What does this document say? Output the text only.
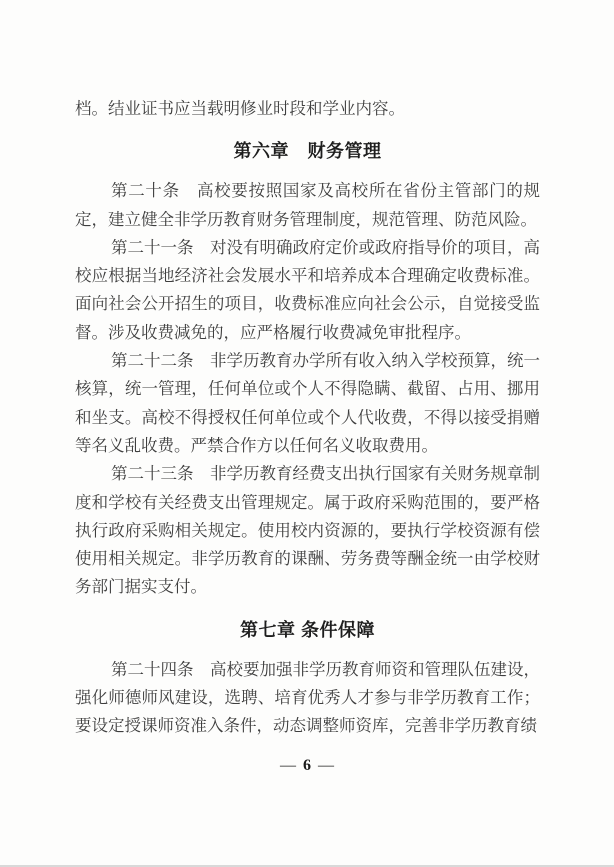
档。结业证书应当载明修业时段和学业内容。

第六章　财务管理

第二十条　高校要按照国家及高校所在省份主管部门的规定，建立健全非学历教育财务管理制度，规范管理、防范风险。

第二十一条　对没有明确政府定价或政府指导价的项目，高校应根据当地经济社会发展水平和培养成本合理确定收费标准。面向社会公开招生的项目，收费标准应向社会公示，自觉接受监督。涉及收费减免的，应严格履行收费减免审批程序。

第二十二条　非学历教育办学所有收入纳入学校预算，统一核算，统一管理，任何单位或个人不得隐瞒、截留、占用、挪用和坐支。高校不得授权任何单位或个人代收费，不得以接受捐赠等名义乱收费。严禁合作方以任何名义收取费用。

第二十三条　非学历教育经费支出执行国家有关财务规章制度和学校有关经费支出管理规定。属于政府采购范围的，要严格执行政府采购相关规定。使用校内资源的，要执行学校资源有偿使用相关规定。非学历教育的课酬、劳务费等酬金统一由学校财务部门据实支付。

第七章 条件保障

第二十四条　高校要加强非学历教育师资和管理队伍建设，强化师德师风建设，选聘、培育优秀人才参与非学历教育工作；要设定授课师资准入条件，动态调整师资库，完善非学历教育绩

— 6 —
